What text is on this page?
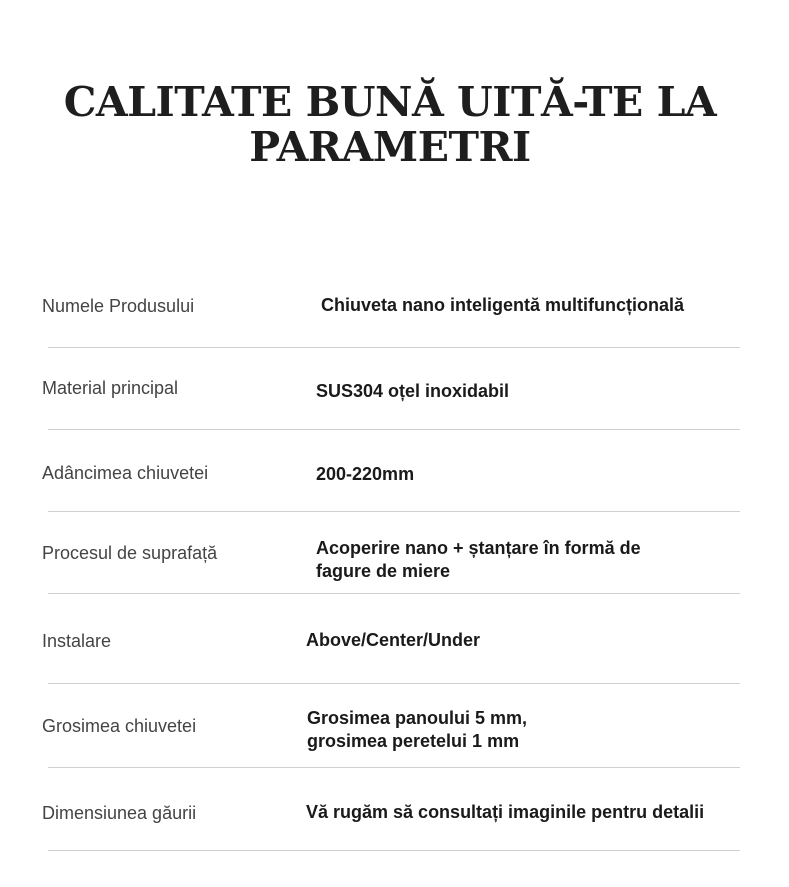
CALITATE BUNĂ UITĂ-TE LA
PARAMETRI
Numele Produsului	Chiuveta nano inteligentă multifuncțională
Material principal	SUS304 oțel inoxidabil
Adâncimea chiuvetei	200-220mm
Procesul de suprafață	Acoperire nano + ștanțare în formă de
fagure de miere
Instalare	Above/Center/Under
Grosimea chiuvetei	Grosimea panoului 5 mm,
grosimea peretelui 1 mm
Dimensiunea găurii	Vă rugăm să consultați imaginile pentru detalii
